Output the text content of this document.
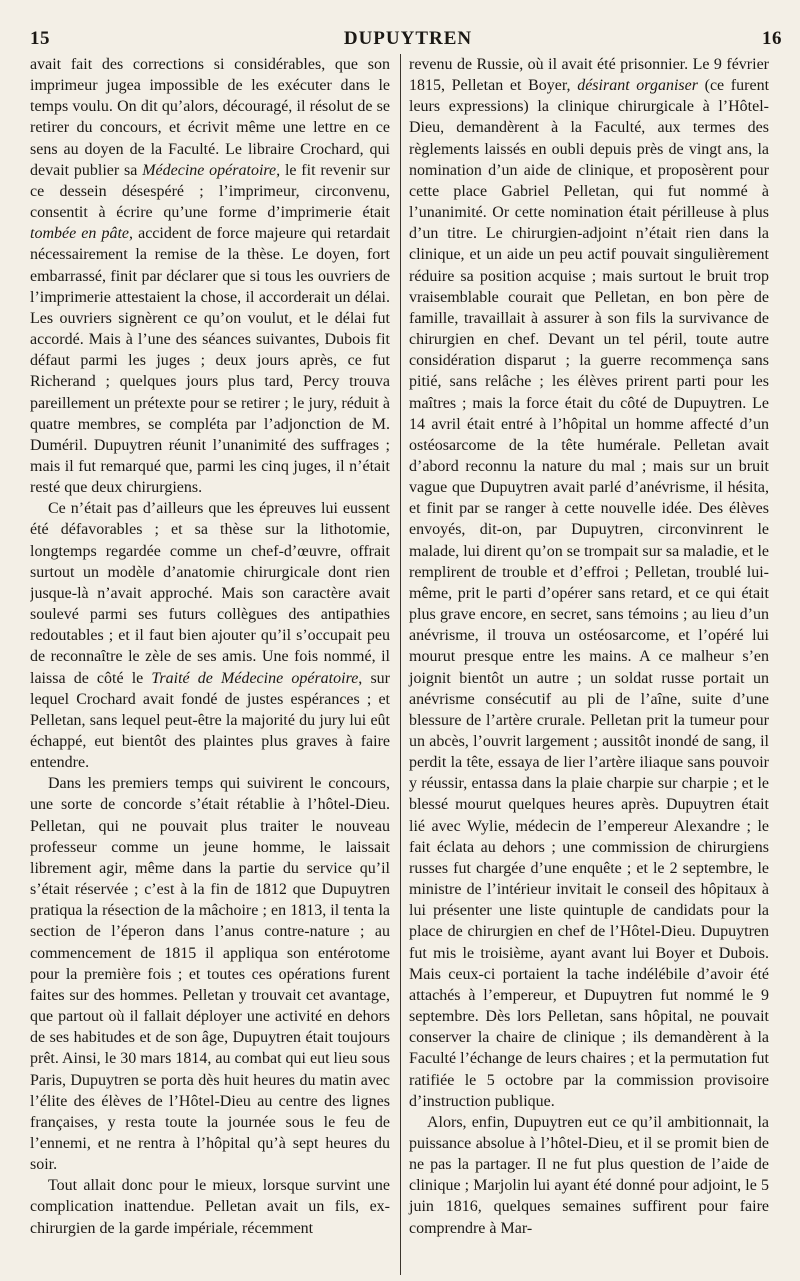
15	DUPUYTREN	16

avait fait des corrections si considérables, que son imprimeur jugea impossible de les exécuter dans le temps voulu. On dit qu’alors, découragé, il résolut de se retirer du concours, et écrivit même une lettre en ce sens au doyen de la Faculté. Le libraire Crochard, qui devait publier sa Médecine opératoire, le fit revenir sur ce dessein désespéré ; l’imprimeur, circonvenu, consentit à écrire qu’une forme d’imprimerie était tombée en pâte, accident de force majeure qui retardait nécessairement la remise de la thèse. Le doyen, fort embarrassé, finit par déclarer que si tous les ouvriers de l’imprimerie attestaient la chose, il accorderait un délai. Les ouvriers signèrent ce qu’on voulut, et le délai fut accordé. Mais à l’une des séances suivantes, Dubois fit défaut parmi les juges ; deux jours après, ce fut Richerand ; quelques jours plus tard, Percy trouva pareillement un prétexte pour se retirer ; le jury, réduit à quatre membres, se compléta par l’adjonction de M. Duméril. Dupuytren réunit l’unanimité des suffrages ; mais il fut remarqué que, parmi les cinq juges, il n’était resté que deux chirurgiens.

Ce n’était pas d’ailleurs que les épreuves lui eussent été défavorables ; et sa thèse sur la lithotomie, longtemps regardée comme un chef-d’œuvre, offrait surtout un modèle d’anatomie chirurgicale dont rien jusque-là n’avait approché. Mais son caractère avait soulevé parmi ses futurs collègues des antipathies redoutables ; et il faut bien ajouter qu’il s’occupait peu de reconnaître le zèle de ses amis. Une fois nommé, il laissa de côté le Traité de Médecine opératoire, sur lequel Crochard avait fondé de justes espérances ; et Pelletan, sans lequel peut-être la majorité du jury lui eût échappé, eut bientôt des plaintes plus graves à faire entendre.

Dans les premiers temps qui suivirent le concours, une sorte de concorde s’était rétablie à l’hôtel-Dieu. Pelletan, qui ne pouvait plus traiter le nouveau professeur comme un jeune homme, le laissait librement agir, même dans la partie du service qu’il s’était réservée ; c’est à la fin de 1812 que Dupuytren pratiqua la résection de la mâchoire ; en 1813, il tenta la section de l’éperon dans l’anus contre-nature ; au commencement de 1815 il appliqua son entérotome pour la première fois ; et toutes ces opérations furent faites sur des hommes. Pelletan y trouvait cet avantage, que partout où il fallait déployer une activité en dehors de ses habitudes et de son âge, Dupuytren était toujours prêt. Ainsi, le 30 mars 1814, au combat qui eut lieu sous Paris, Dupuytren se porta dès huit heures du matin avec l’élite des élèves de l’Hôtel-Dieu au centre des lignes françaises, y resta toute la journée sous le feu de l’ennemi, et ne rentra à l’hôpital qu’à sept heures du soir.

Tout allait donc pour le mieux, lorsque survint une complication inattendue. Pelletan avait un fils, ex-chirurgien de la garde impériale, récemment

revenu de Russie, où il avait été prisonnier. Le 9 février 1815, Pelletan et Boyer, désirant organiser (ce furent leurs expressions) la clinique chirurgicale à l’Hôtel-Dieu, demandèrent à la Faculté, aux termes des règlements laissés en oubli depuis près de vingt ans, la nomination d’un aide de clinique, et proposèrent pour cette place Gabriel Pelletan, qui fut nommé à l’unanimité. Or cette nomination était périlleuse à plus d’un titre. Le chirurgien-adjoint n’était rien dans la clinique, et un aide un peu actif pouvait singulièrement réduire sa position acquise ; mais surtout le bruit trop vraisemblable courait que Pelletan, en bon père de famille, travaillait à assurer à son fils la survivance de chirurgien en chef. Devant un tel péril, toute autre considération disparut ; la guerre recommença sans pitié, sans relâche ; les élèves prirent parti pour les maîtres ; mais la force était du côté de Dupuytren. Le 14 avril était entré à l’hôpital un homme affecté d’un ostéosarcome de la tête humérale. Pelletan avait d’abord reconnu la nature du mal ; mais sur un bruit vague que Dupuytren avait parlé d’anévrisme, il hésita, et finit par se ranger à cette nouvelle idée. Des élèves envoyés, dit-on, par Dupuytren, circonvinrent le malade, lui dirent qu’on se trompait sur sa maladie, et le remplirent de trouble et d’effroi ; Pelletan, troublé lui-même, prit le parti d’opérer sans retard, et ce qui était plus grave encore, en secret, sans témoins ; au lieu d’un anévrisme, il trouva un ostéosarcome, et l’opéré lui mourut presque entre les mains. A ce malheur s’en joignit bientôt un autre ; un soldat russe portait un anévrisme consécutif au pli de l’aîne, suite d’une blessure de l’artère crurale. Pelletan prit la tumeur pour un abcès, l’ouvrit largement ; aussitôt inondé de sang, il perdit la tête, essaya de lier l’artère iliaque sans pouvoir y réussir, entassa dans la plaie charpie sur charpie ; et le blessé mourut quelques heures après. Dupuytren était lié avec Wylie, médecin de l’empereur Alexandre ; le fait éclata au dehors ; une commission de chirurgiens russes fut chargée d’une enquête ; et le 2 septembre, le ministre de l’intérieur invitait le conseil des hôpitaux à lui présenter une liste quintuple de candidats pour la place de chirurgien en chef de l’Hôtel-Dieu. Dupuytren fut mis le troisième, ayant avant lui Boyer et Dubois. Mais ceux-ci portaient la tache indélébile d’avoir été attachés à l’empereur, et Dupuytren fut nommé le 9 septembre. Dès lors Pelletan, sans hôpital, ne pouvait conserver la chaire de clinique ; ils demandèrent à la Faculté l’échange de leurs chaires ; et la permutation fut ratifiée le 5 octobre par la commission provisoire d’instruction publique.

Alors, enfin, Dupuytren eut ce qu’il ambitionnait, la puissance absolue à l’hôtel-Dieu, et il se promit bien de ne pas la partager. Il ne fut plus question de l’aide de clinique ; Marjolin lui ayant été donné pour adjoint, le 5 juin 1816, quelques semaines suffirent pour faire comprendre à Mar-
